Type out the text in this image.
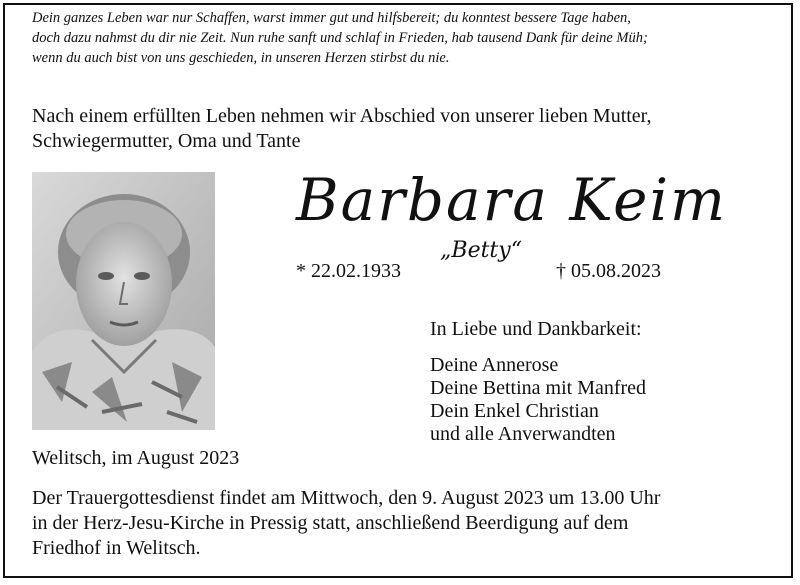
Dein ganzes Leben war nur Schaffen, warst immer gut und hilfsbereit; du konntest bessere Tage haben,
doch dazu nahmst du dir nie Zeit. Nun ruhe sanft und schlaf in Frieden, hab tausend Dank für deine Müh;
wenn du auch bist von uns geschieden, in unseren Herzen stirbst du nie.
Nach einem erfüllten Leben nehmen wir Abschied von unserer lieben Mutter,
Schwiegermutter, Oma und Tante
Barbara Keim
„Betty“
* 22.02.1933	† 05.08.2023
In Liebe und Dankbarkeit:
Deine Annerose
Deine Bettina mit Manfred
Dein Enkel Christian
und alle Anverwandten
Welitsch, im August 2023
Der Trauergottesdienst findet am Mittwoch, den 9. August 2023 um 13.00 Uhr
in der Herz-Jesu-Kirche in Pressig statt, anschließend Beerdigung auf dem
Friedhof in Welitsch.
